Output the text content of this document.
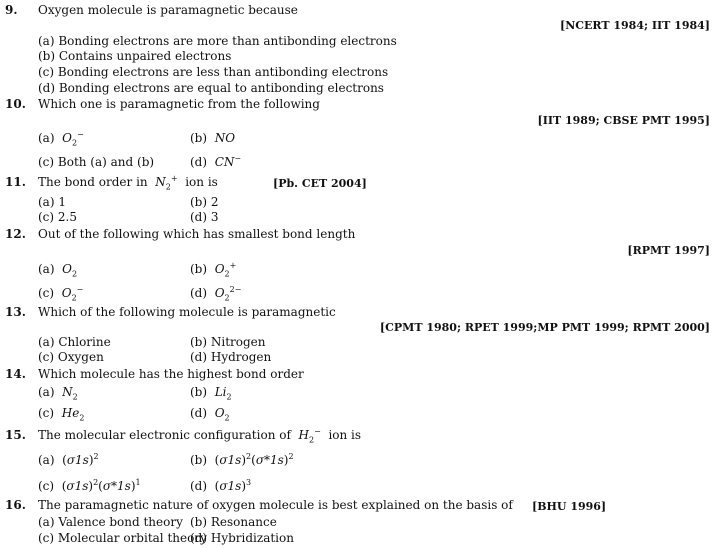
9. Oxygen molecule is paramagnetic because
[NCERT 1984; IIT 1984]
(a) Bonding electrons are more than antibonding electrons
(b) Contains unpaired electrons
(c) Bonding electrons are less than antibonding electrons
(d) Bonding electrons are equal to antibonding electrons
10. Which one is paramagnetic from the following
[IIT 1989; CBSE PMT 1995]
(a) $O_2^-$	(b) NO
(c) Both (a) and (b)	(d) CN−
11. The bond order in $N_2^+$ ion is	[Pb. CET 2004]
(a) 1	(b) 2
(c) 2.5	(d) 3
12. Out of the following which has smallest bond length
[RPMT 1997]
(a) $O_2$	(b) $O_2^+$
(c) $O_2^-$	(d) $O_2^{2-}$
13. Which of the following molecule is paramagnetic
[CPMT 1980; RPET 1999;MP PMT 1999; RPMT 2000]
(a) Chlorine	(b) Nitrogen
(c) Oxygen	(d) Hydrogen
14. Which molecule has the highest bond order
(a) $N_2$	(b) $Li_2$
(c) $He_2$	(d) $O_2$
15. The molecular electronic configuration of $H_2^-$ ion is
(a)  $(\sigma 1s)^2$	(b)  $(\sigma 1s)^2(\sigma*1s)^2$
(c)  $(\sigma 1s)^2(\sigma*1s)^1$	(d)  $(\sigma 1s)^3$
16. The paramagnetic nature of oxygen molecule is best explained on the basis of [BHU 1996]
(a) Valence bond theory (b) Resonance
(c) Molecular orbital theory
(d) Hybridization
